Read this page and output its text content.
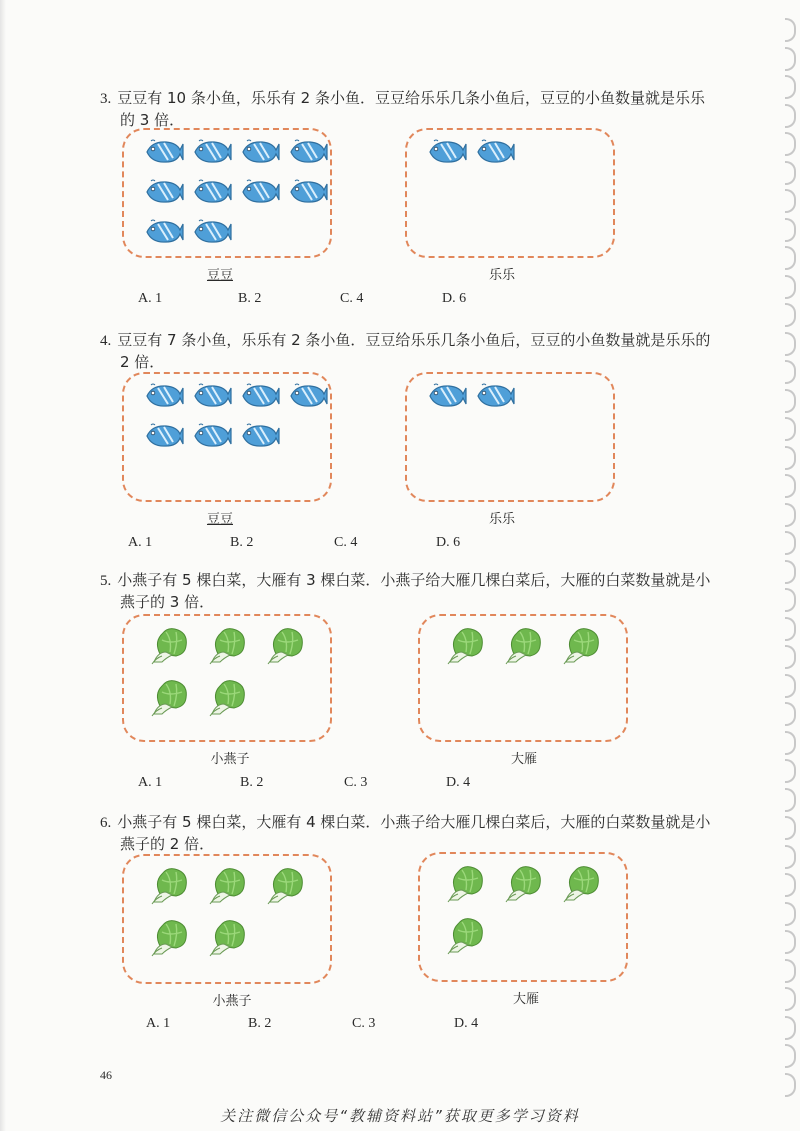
3. 豆豆有 10 条小鱼，乐乐有 2 条小鱼．豆豆给乐乐几条小鱼后，豆豆的小鱼数量就是乐乐
的 3 倍．
豆豆	乐乐
A. 1	B. 2	C. 4	D. 6
4. 豆豆有 7 条小鱼，乐乐有 2 条小鱼．豆豆给乐乐几条小鱼后，豆豆的小鱼数量就是乐乐的
2 倍．
豆豆	乐乐
A. 1	B. 2	C. 4	D. 6
5. 小燕子有 5 棵白菜，大雁有 3 棵白菜．小燕子给大雁几棵白菜后，大雁的白菜数量就是小
燕子的 3 倍．
小燕子	大雁
A. 1	B. 2	C. 3	D. 4
6. 小燕子有 5 棵白菜，大雁有 4 棵白菜．小燕子给大雁几棵白菜后，大雁的白菜数量就是小
燕子的 2 倍．
小燕子	大雁
A. 1	B. 2	C. 3	D. 4
46
关注微信公众号“教辅资料站”获取更多学习资料
